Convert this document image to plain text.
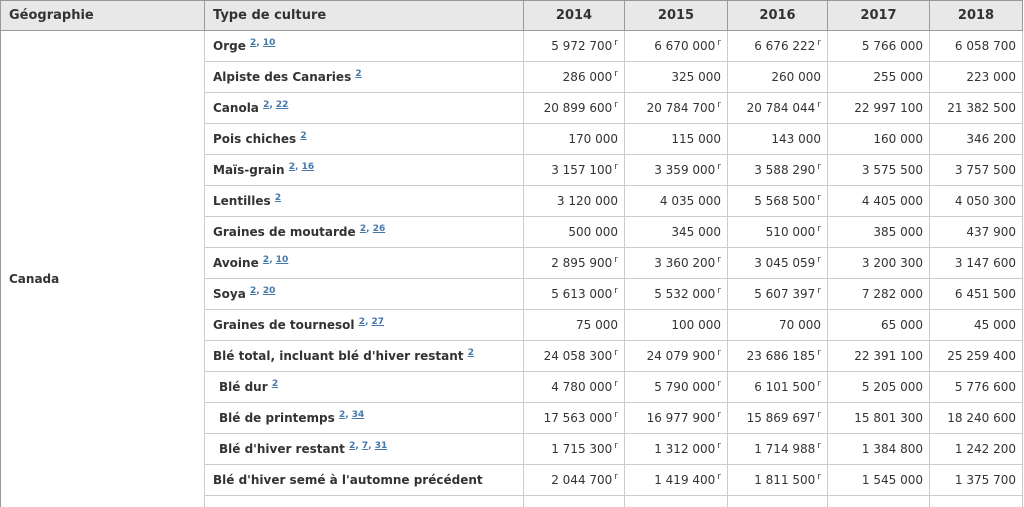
Géographie	Type de culture	2014	2015	2016	2017	2018
Canada	Orge $^{2, 10}$	5 972 700 $^r$	6 670 000 $^r$	6 676 222 $^r$	5 766 000	6 058 700
	Alpiste des Canaries $^2$	286 000 $^r$	325 000	260 000	255 000	223 000
	Canola $^{2, 22}$	20 899 600 $^r$	20 784 700 $^r$	20 784 044 $^r$	22 997 100	21 382 500
	Pois chiches $^2$	170 000	115 000	143 000	160 000	346 200
	Maïs-grain $^{2, 16}$	3 157 100 $^r$	3 359 000 $^r$	3 588 290 $^r$	3 575 500	3 757 500
	Lentilles $^2$	3 120 000	4 035 000	5 568 500 $^r$	4 405 000	4 050 300
	Graines de moutarde $^{2, 26}$	500 000	345 000	510 000 $^r$	385 000	437 900
	Avoine $^{2, 10}$	2 895 900 $^r$	3 360 200 $^r$	3 045 059 $^r$	3 200 300	3 147 600
	Soya $^{2, 20}$	5 613 000 $^r$	5 532 000 $^r$	5 607 397 $^r$	7 282 000	6 451 500
	Graines de tournesol $^{2, 27}$	75 000	100 000	70 000	65 000	45 000
	Blé total, incluant blé d'hiver restant $^2$	24 058 300 $^r$	24 079 900 $^r$	23 686 185 $^r$	22 391 100	25 259 400
	Blé dur $^2$	4 780 000 $^r$	5 790 000 $^r$	6 101 500 $^r$	5 205 000	5 776 600
	Blé de printemps $^{2, 34}$	17 563 000 $^r$	16 977 900 $^r$	15 869 697 $^r$	15 801 300	18 240 600
	Blé d'hiver restant $^{2, 7, 31}$	1 715 300 $^r$	1 312 000 $^r$	1 714 988 $^r$	1 384 800	1 242 200
	Blé d'hiver semé à l'automne précédent	2 044 700 $^r$	1 419 400 $^r$	1 811 500 $^r$	1 545 000	1 375 700
